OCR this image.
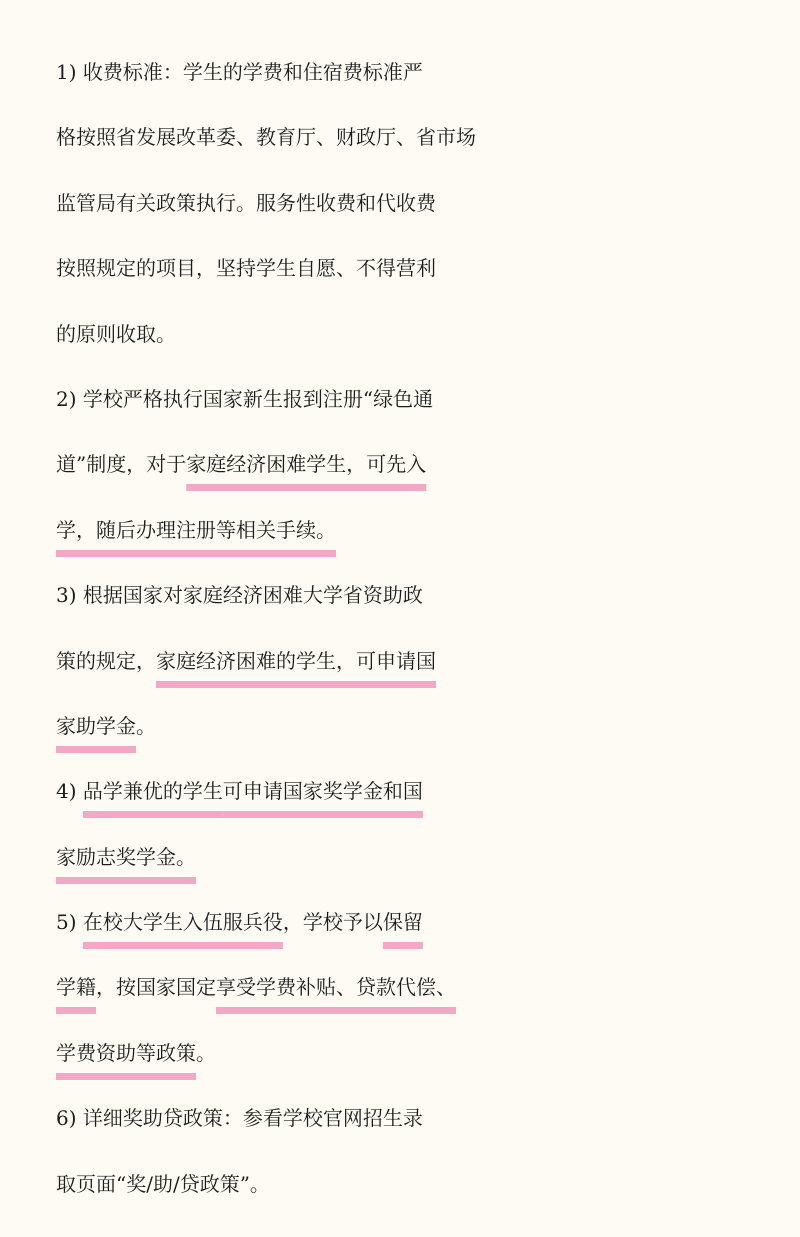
1) 收费标准：学生的学费和住宿费标准严
格按照省发展改革委、教育厅、财政厅、省市场
监管局有关政策执行。服务性收费和代收费
按照规定的项目，坚持学生自愿、不得营利
的原则收取。
2) 学校严格执行国家新生报到注册“绿色通
道”制度，对于家庭经济困难学生，可先入
学，随后办理注册等相关手续。
3) 根据国家对家庭经济困难大学省资助政
策的规定，家庭经济困难的学生，可申请国
家助学金。
4) 品学兼优的学生可申请国家奖学金和国
家励志奖学金。
5) 在校大学生入伍服兵役，学校予以保留
学籍，按国家国定享受学费补贴、贷款代偿、
学费资助等政策。
6) 详细奖助贷政策：参看学校官网招生录
取页面“奖/助/贷政策”。
